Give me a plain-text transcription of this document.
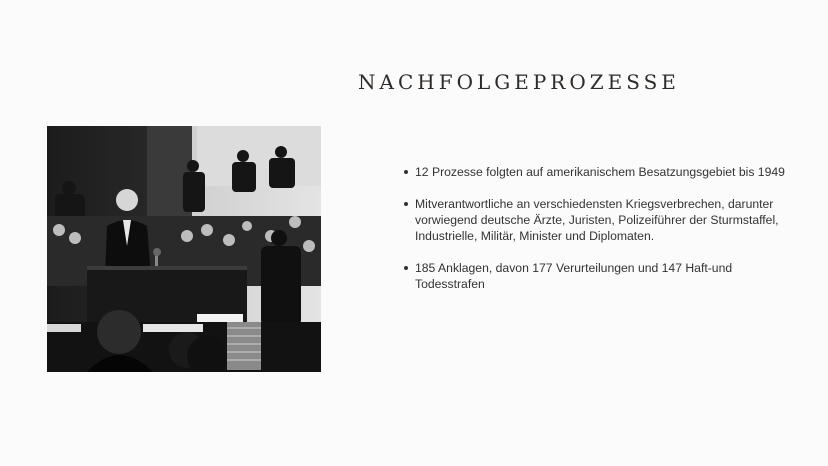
NACHFOLGEPROZESSE
12 Prozesse folgten auf amerikanischem Besatzungsgebiet bis 1949
Mitverantwortliche an verschiedensten Kriegsverbrechen, darunter vorwiegend deutsche Ärzte, Juristen, Polizeiführer der Sturmstaffel, Industrielle, Militär, Minister und Diplomaten.
185 Anklagen, davon 177 Verurteilungen und 147 Haft-und Todesstrafen
